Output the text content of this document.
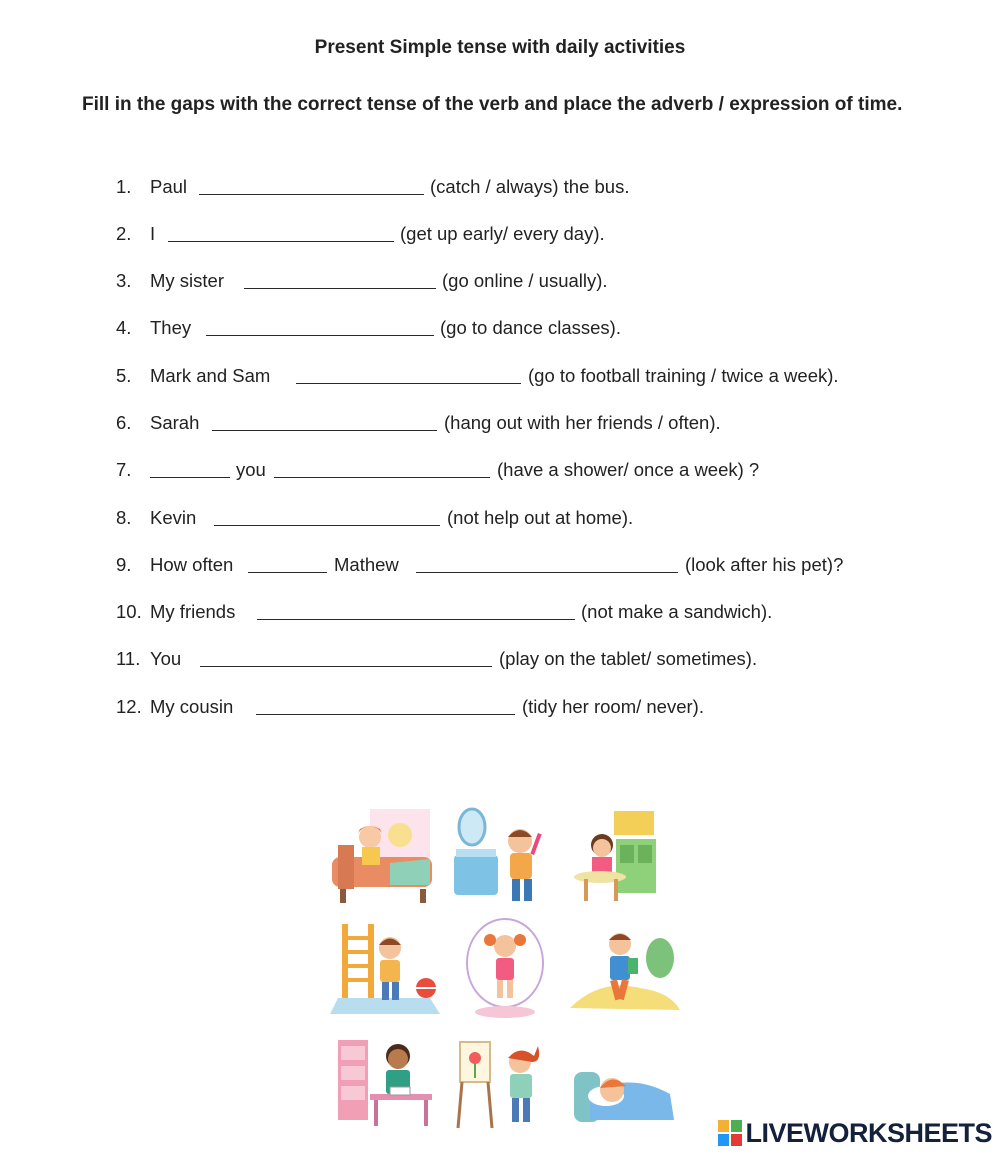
Present Simple tense with daily activities
Fill in the gaps with the correct tense of the verb and place the adverb / expression of time.
1. Paul	(catch / always) the bus.
2. I	(get up early/ every day).
3. My sister	(go online / usually).
4. They	(go to dance classes).
5. Mark and Sam	(go to football training / twice a week).
6. Sarah	(hang out with her friends / often).
7.	you	(have a shower/ once a week) ?
8. Kevin	(not help out at home).
9. How often	Mathew	(look after his pet)?
10. My friends	(not make a sandwich).
11. You	(play on the tablet/ sometimes).
12. My cousin	(tidy her room/ never).
LIVEWORKSHEETS
